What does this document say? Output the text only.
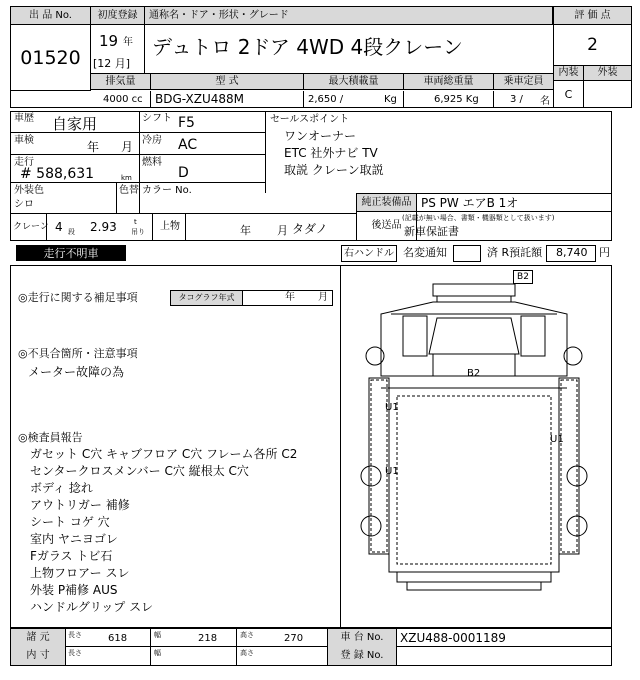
出 品 No.
01520
初度登録	通称名・ドア・形状・グレード
19 年
[12 月]
デュトロ 2ドア 4WD 4段クレーン
評 価 点
2
内装	外装
C
排気量	型 式	最大積載量	車両総重量	乗車定員
4000 cc	BDG-XZU488M	2,650 /	Kg	6,925 Kg	3 /	名
車歴 自家用
車検	年 月
走行
# 588,631	km
外装色
シロ
色替
シフト F5
冷房 AC
燃料
D
カラー No.
セールスポイント
ワンオーナー
ETC 社外ナビ TV
取説 クレーン取説
純正装備品 PS PW エアB 1オ
後送品
(記載が無い場合、書類・機器類として扱います)
新車保証書
クレーン 4 段 2.93 t
吊り 上物	年 月 タダノ
走行不明車	右ハンドル 名変通知	済 R預託額 8,740 円
◎走行に関する補足事項	タコグラフ年式	年 月
◎不具合箇所・注意事項
メーター故障の為
◎検査員報告
ガセット C穴 キャブフロア C穴 フレーム各所 C2
センタークロスメンバー C穴 縦根太 C穴
ボディ 捻れ
アウトリガー 補修
シート コゲ 穴
室内 ヤニヨゴレ
Fガラス トビ石
上物フロアー スレ
外装 P補修 AUS
ハンドルグリップ スレ
B2
B2
U1
U1
U1
諸 元	長さ	618	幅	218	高さ	270	車 台 No.	XZU488-0001189
内 寸	長さ	幅	高さ	登 録 No.
